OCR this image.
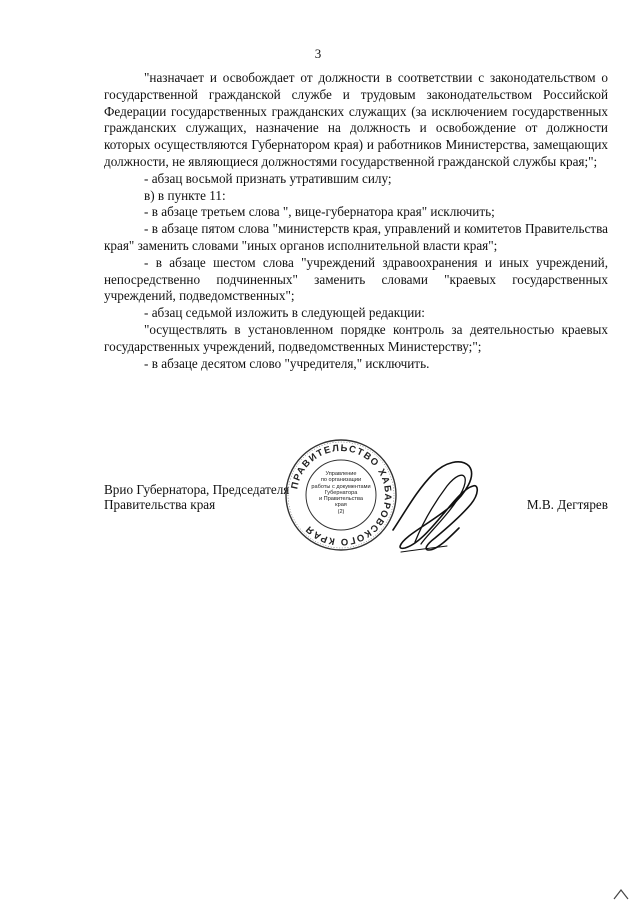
3

"назначает и освобождает от должности в соответствии с законодательством о государственной гражданской службе и трудовым законодательством Российской Федерации государственных гражданских служащих (за исключением государственных гражданских служащих, назначение на должность и освобождение от должности которых осуществляются Губернатором края) и работников Министерства, замещающих должности, не являющиеся должностями государственной гражданской службы края;";

- абзац восьмой признать утратившим силу;

в) в пункте 11:

- в абзаце третьем слова ", вице-губернатора края" исключить;

- в абзаце пятом слова "министерств края, управлений и комитетов Правительства края" заменить словами "иных органов исполнительной власти края";

- в абзаце шестом слова "учреждений здравоохранения и иных учреждений, непосредственно подчиненных" заменить словами "краевых государственных учреждений, подведомственных";

- абзац седьмой изложить в следующей редакции:

"осуществлять в установленном порядке контроль за деятельностью краевых государственных учреждений, подведомственных Министерству;";

- в абзаце десятом слово "учредителя," исключить.

Врио Губернатора, Председателя
Правительства края	М.В. Дегтярев
ПРАВИТЕЛЬСТВО ХАБАРОВСКОГО КРАЯ
Управление
по организации
работы с документами
Губернатора
и Правительства
края
(2)
